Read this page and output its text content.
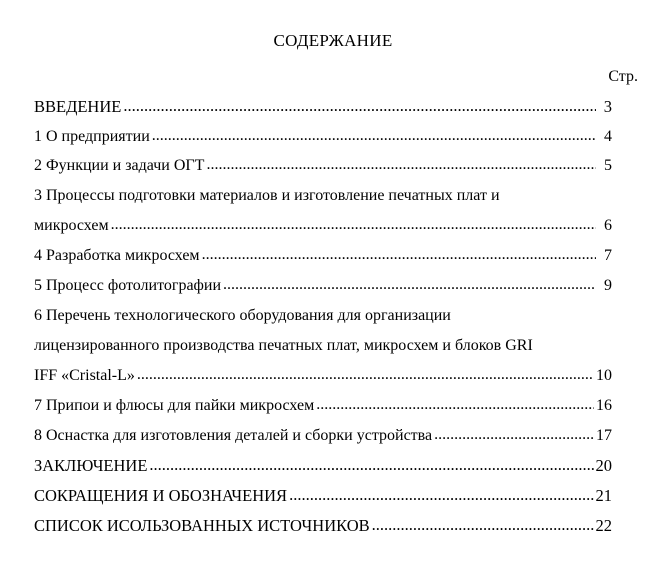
СОДЕРЖАНИЕ
Стр.
ВВЕДЕНИЕ .....	3
1 О предприятии .....	4
2 Функции и задачи ОГТ .....	5
3 Процессы подготовки материалов и изготовление печатных плат и
микросхем .....	6
4 Разработка микросхем .....	7
5 Процесс фотолитографии .....	9
6 Перечень технологического оборудования для организации
лицензированного производства печатных плат, микросхем и блоков GRI
IFF «Cristal-L» .....	10
7 Припои и флюсы для пайки микросхем .....	16
8 Оснастка для изготовления деталей и сборки устройства .....	17
ЗАКЛЮЧЕНИЕ .....	20
СОКРАЩЕНИЯ И ОБОЗНАЧЕНИЯ .....	21
СПИСОК ИСОЛЬЗОВАННЫХ ИСТОЧНИКОВ .....	22
